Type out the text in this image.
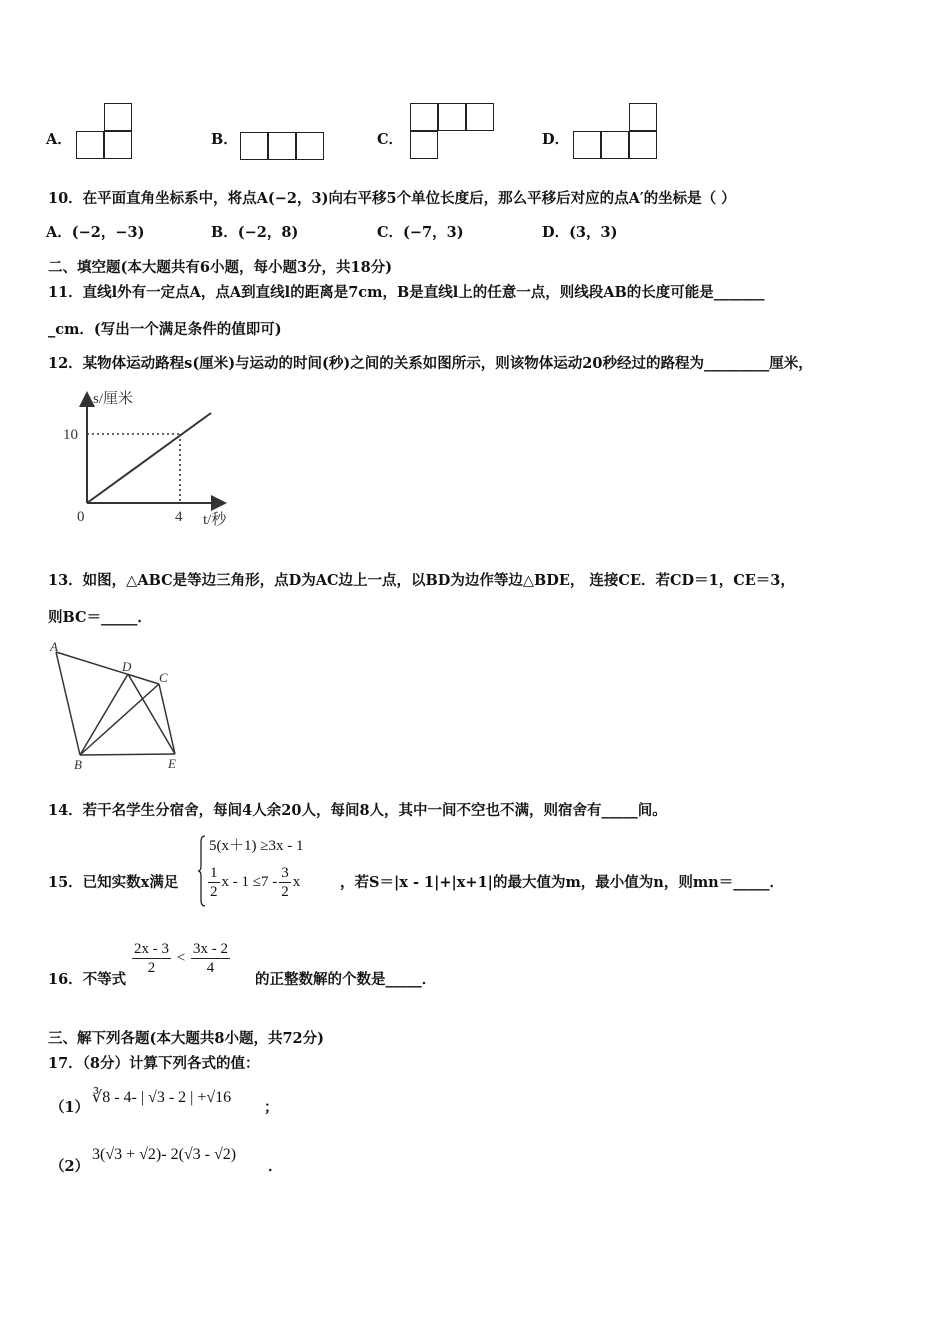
A．	B．	C．	D．
10．在平面直角坐标系中，将点A(−2，3)向右平移5个单位长度后，那么平移后对应的点A′的坐标是（ ）
A．(−2，−3)	B．(−2，8)	C．(−7，3)	D．(3，3)
二、填空题(本大题共有6小题，每小题3分，共18分)
11．直线l外有一定点A，点A到直线l的距离是7cm，B是直线l上的任意一点，则线段AB的长度可能是_______
_cm．(写出一个满足条件的值即可)
12．某物体运动路程s(厘米)与运动的时间(秒)之间的关系如图所示，则该物体运动20秒经过的路程为_________厘米，
s/厘米
10
0	4 t/秒
13．如图，△ABC是等边三角形，点D为AC边上一点，以BD为边作等边△BDE， 连接CE．若CD＝1，CE＝3，
则BC＝_____．
A
D
C
B	E
14．若干名学生分宿舍，每间4人余20人，每间8人，其中一间不空也不满，则宿舍有_____间。
15．已知实数x满足
5(x＋1) ≥3x - 1
$\frac{1}{2}$ $x - 1 \le 7 - \frac{3}{2}$ x	，若S＝|x - 1|+|x+1|的最大值为m，最小值为n，则mn＝_____．
16．不等式
$\frac{2x - 3}{2} < \frac{3x - 2}{4}$
的正整数解的个数是_____．
三、解下列各题(本大题共8小题，共72分)
17．（8分）计算下列各式的值：
（1）
∛8 - 4- | √3 - 2 | +√16
；
（2）
3(√3 + √2)- 2(√3 - √2)
．
